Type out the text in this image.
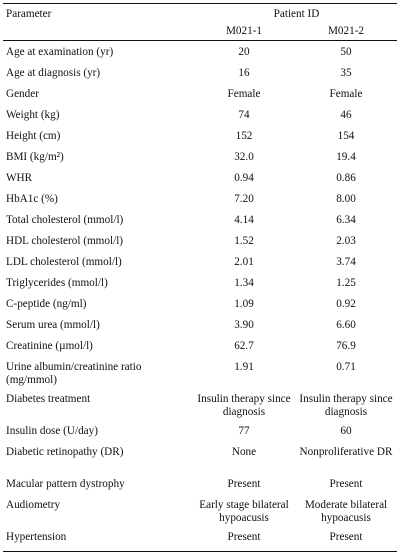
Parameter	Patient ID	
	M021-1	M021-2
Age at examination (yr)	20	50
Age at diagnosis (yr)	16	35
Gender	Female	Female
Weight (kg)	74	46
Height (cm)	152	154
BMI (kg/m²)	32.0	19.4
WHR	0.94	0.86
HbA1c (%)	7.20	8.00
Total cholesterol (mmol/l)	4.14	6.34
HDL cholesterol (mmol/l)	1.52	2.03
LDL cholesterol (mmol/l)	2.01	3.74
Triglycerides (mmol/l)	1.34	1.25
C-peptide (ng/ml)	1.09	0.92
Serum urea (mmol/l)	3.90	6.60
Creatinine (µmol/l)	62.7	76.9
Urine albumin/creatinine ratio (mg/mmol)	1.91	0.71
Diabetes treatment	Insulin therapy since diagnosis	Insulin therapy since diagnosis
Insulin dose (U/day)	77	60
Diabetic retinopathy (DR)	None	Nonproliferative DR
Macular pattern dystrophy	Present	Present
Audiometry	Early stage bilateral hypoacusis	Moderate bilateral hypoacusis
Hypertension	Present	Present
